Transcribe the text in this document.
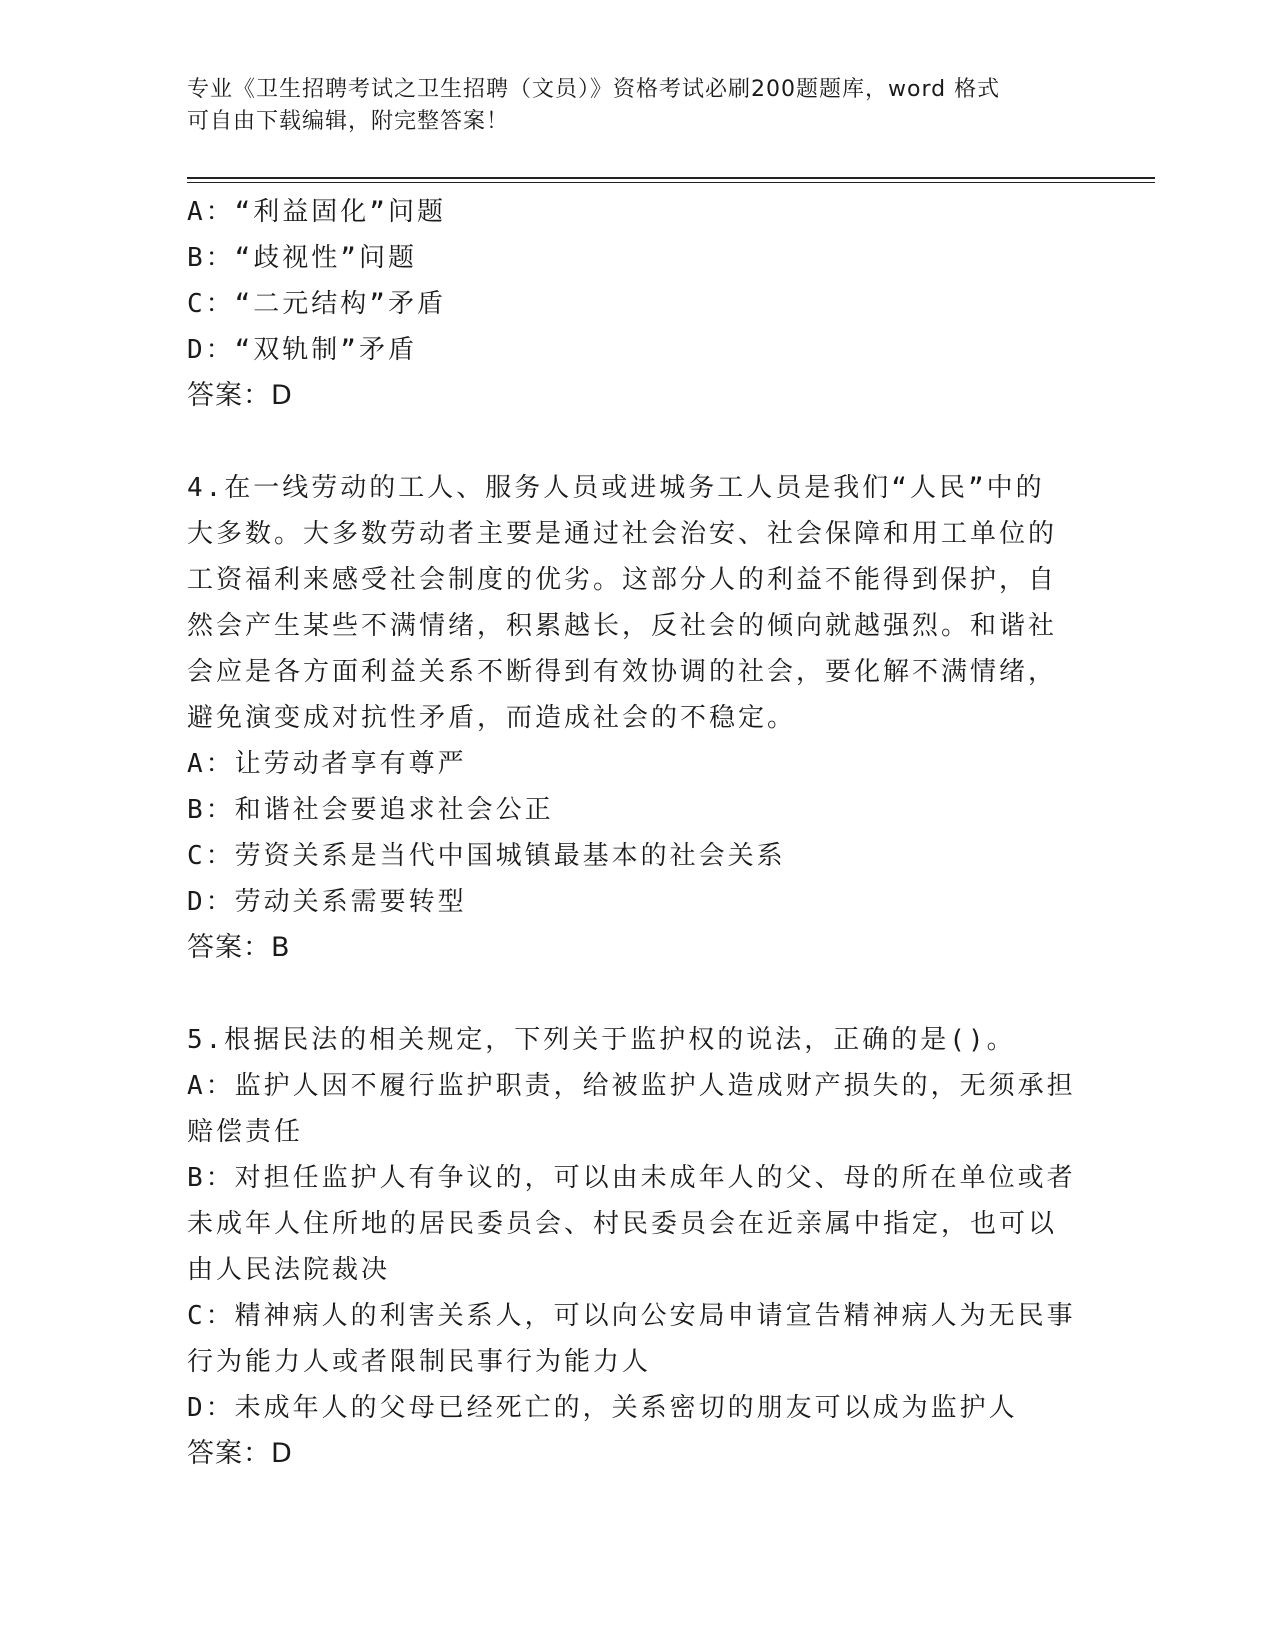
专业《卫生招聘考试之卫生招聘（文员）》资格考试必刷200题题库，word 格式
可自由下载编辑，附完整答案！
A：“利益固化”问题
B：“歧视性”问题
C：“二元结构”矛盾
D：“双轨制”矛盾
答案：D
4.在一线劳动的工人、服务人员或进城务工人员是我们“人民”中的
大多数。大多数劳动者主要是通过社会治安、社会保障和用工单位的
工资福利来感受社会制度的优劣。这部分人的利益不能得到保护，自
然会产生某些不满情绪，积累越长，反社会的倾向就越强烈。和谐社
会应是各方面利益关系不断得到有效协调的社会，要化解不满情绪，
避免演变成对抗性矛盾，而造成社会的不稳定。
A：让劳动者享有尊严
B：和谐社会要追求社会公正
C：劳资关系是当代中国城镇最基本的社会关系
D：劳动关系需要转型
答案：B
5.根据民法的相关规定，下列关于监护权的说法，正确的是()。
A：监护人因不履行监护职责，给被监护人造成财产损失的，无须承担
赔偿责任
B：对担任监护人有争议的，可以由未成年人的父、母的所在单位或者
未成年人住所地的居民委员会、村民委员会在近亲属中指定，也可以
由人民法院裁决
C：精神病人的利害关系人，可以向公安局申请宣告精神病人为无民事
行为能力人或者限制民事行为能力人
D：未成年人的父母已经死亡的，关系密切的朋友可以成为监护人
答案：D
